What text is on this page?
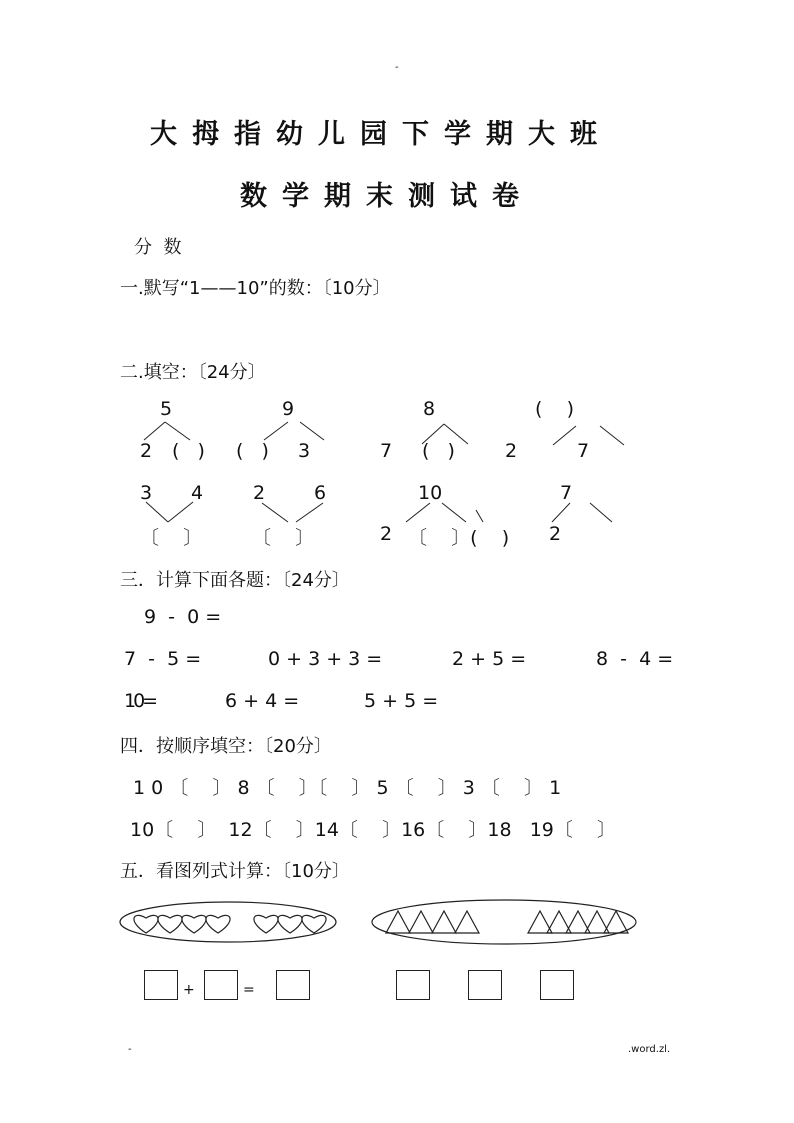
-
大拇指幼儿园下学期大班
数学期末测试卷
分  数
一.默写“1——10”的数：〔10分〕
二.填空：〔24分〕
5
2 (   )
9
(   ) 3
8
7 (   )
(    )
2	7
3 4
〔    〕
2	6
〔    〕
10
2 〔    〕(    )
7
2
三．计算下面各题：〔24分〕
9  -  0 =
7  -  5 =	0 + 3 + 3 =	2 + 5 =	8  -  4 =
10=	6 + 4 =	5 + 5 =
四．按顺序填空：〔20分〕
1 0 〔    〕 8 〔    〕〔    〕 5 〔    〕 3 〔    〕 1
10〔    〕  12〔    〕14〔    〕16〔    〕18   19〔    〕
五．看图列式计算：〔10分〕
+	=
-	.word.zl.
